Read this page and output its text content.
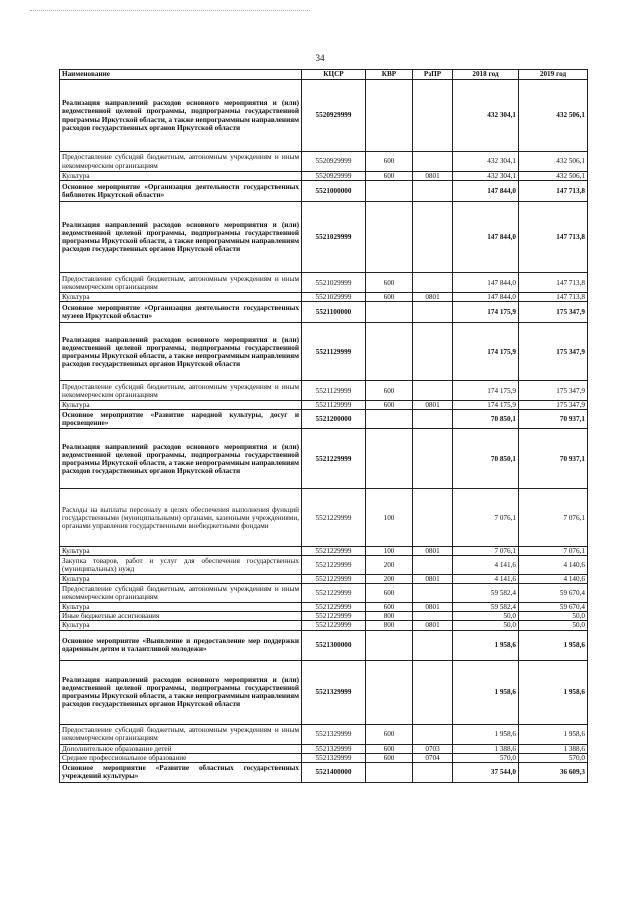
34
Наименование	КЦСР	КВР	РзПР	2018 год	2019 год
Реализация направлений расходов основного мероприятия и (или) ведомственной целевой программы, подпрограммы государственной программы Иркутской области, а также непрограммным направлениям расходов государственных органов Иркутской области	5520929999			432 304,1	432 506,1
Предоставление субсидий бюджетным, автономным учреждениям и иным некоммерческим организациям	5520929999	600		432 304,1	432 506,1
Культура	5520929999	600	0801	432 304,1	432 506,1
Основное мероприятие «Организация деятельности государственных библиотек Иркутской области»	5521000000			147 844,0	147 713,8
Реализация направлений расходов основного мероприятия и (или) ведомственной целевой программы, подпрограммы государственной программы Иркутской области, а также непрограммным направлениям расходов государственных органов Иркутской области	5521029999			147 844,0	147 713,8
Предоставление субсидий бюджетным, автономным учреждениям и иным некоммерческим организациям	5521029999	600		147 844,0	147 713,8
Культура	5521029999	600	0801	147 844,0	147 713,8
Основное мероприятие «Организация деятельности государственных музеев Иркутской области»	5521100000			174 175,9	175 347,9
Реализация направлений расходов основного мероприятия и (или) ведомственной целевой программы, подпрограммы государственной программы Иркутской области, а также непрограммным направлениям расходов государственных органов Иркутской области	5521129999			174 175,9	175 347,9
Предоставление субсидий бюджетным, автономным учреждениям и иным некоммерческим организациям	5521129999	600		174 175,9	175 347,9
Культура	5521129999	600	0801	174 175,9	175 347,9
Основное мероприятие «Развитие народной культуры, досуг и просвещение»	5521200000			70 850,1	70 937,1
Реализация направлений расходов основного мероприятия и (или) ведомственной целевой программы, подпрограммы государственной программы Иркутской области, а также непрограммным направлениям расходов государственных органов Иркутской области	5521229999			70 850,1	70 937,1
Расходы на выплаты персоналу в целях обеспечения выполнения функций государственными (муниципальными) органами, казенными учреждениями, органами управления государственными внебюджетными фондами	5521229999	100		7 076,1	7 076,1
Культура	5521229999	100	0801	7 076,1	7 076,1
Закупка товаров, работ и услуг для обеспечения государственных (муниципальных) нужд	5521229999	200		4 141,6	4 140,6
Культура	5521229999	200	0801	4 141,6	4 140,6
Предоставление субсидий бюджетным, автономным учреждениям и иным некоммерческим организациям	5521229999	600		59 582,4	59 670,4
Культура	5521229999	600	0801	59 582,4	59 670,4
Иные бюджетные ассигнования	5521229999	800		50,0	50,0
Культура	5521229999	800	0801	50,0	50,0
Основное мероприятие «Выявление и предоставление мер поддержки одаренным детям и талантливой молодежи»	5521300000			1 958,6	1 958,6
Реализация направлений расходов основного мероприятия и (или) ведомственной целевой программы, подпрограммы государственной программы Иркутской области, а также непрограммным направлениям расходов государственных органов Иркутской области	5521329999			1 958,6	1 958,6
Предоставление субсидий бюджетным, автономным учреждениям и иным некоммерческим организациям	5521329999	600		1 958,6	1 958,6
Дополнительное образование детей	5521329999	600	0703	1 388,6	1 388,6
Среднее профессиональное образование	5521329999	600	0704	570,0	570,0
Основное мероприятие «Развитие областных государственных учреждений культуры»	5521400000			37 544,0	36 609,3
